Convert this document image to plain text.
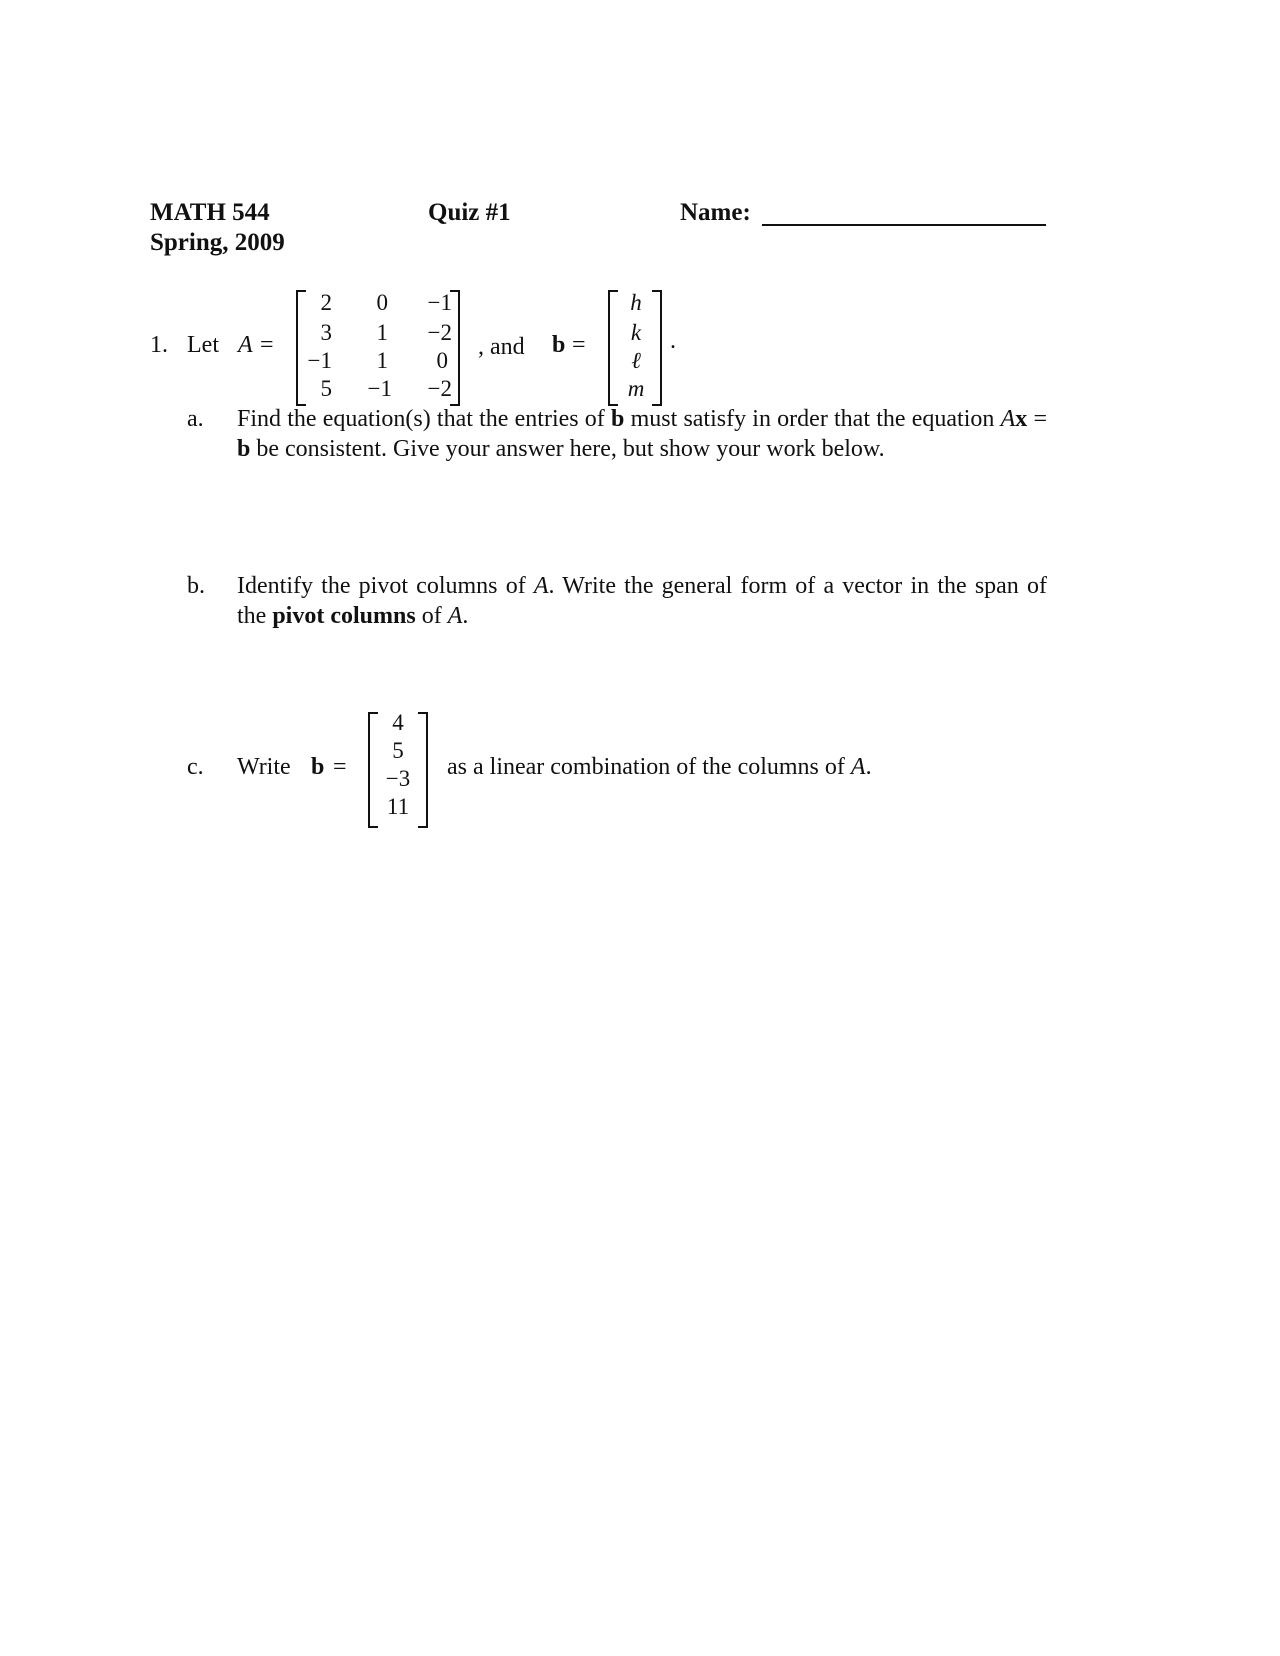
MATH 544
Spring, 2009
Quiz #1	Name:
1. Let A =
2	0	−1
3	1	−2
−1	1	0
5	−1	−2
, and b =
h
k
ℓ
m
.
a. Find the equation(s) that the entries of b must satisfy in order that the equation Ax = b be consistent. Give your answer here, but show your work below.
b. Identify the pivot columns of A. Write the general form of a vector in the span of the pivot columns of A.
c. Write b =
4
5
−3
11
as a linear combination of the columns of A.
